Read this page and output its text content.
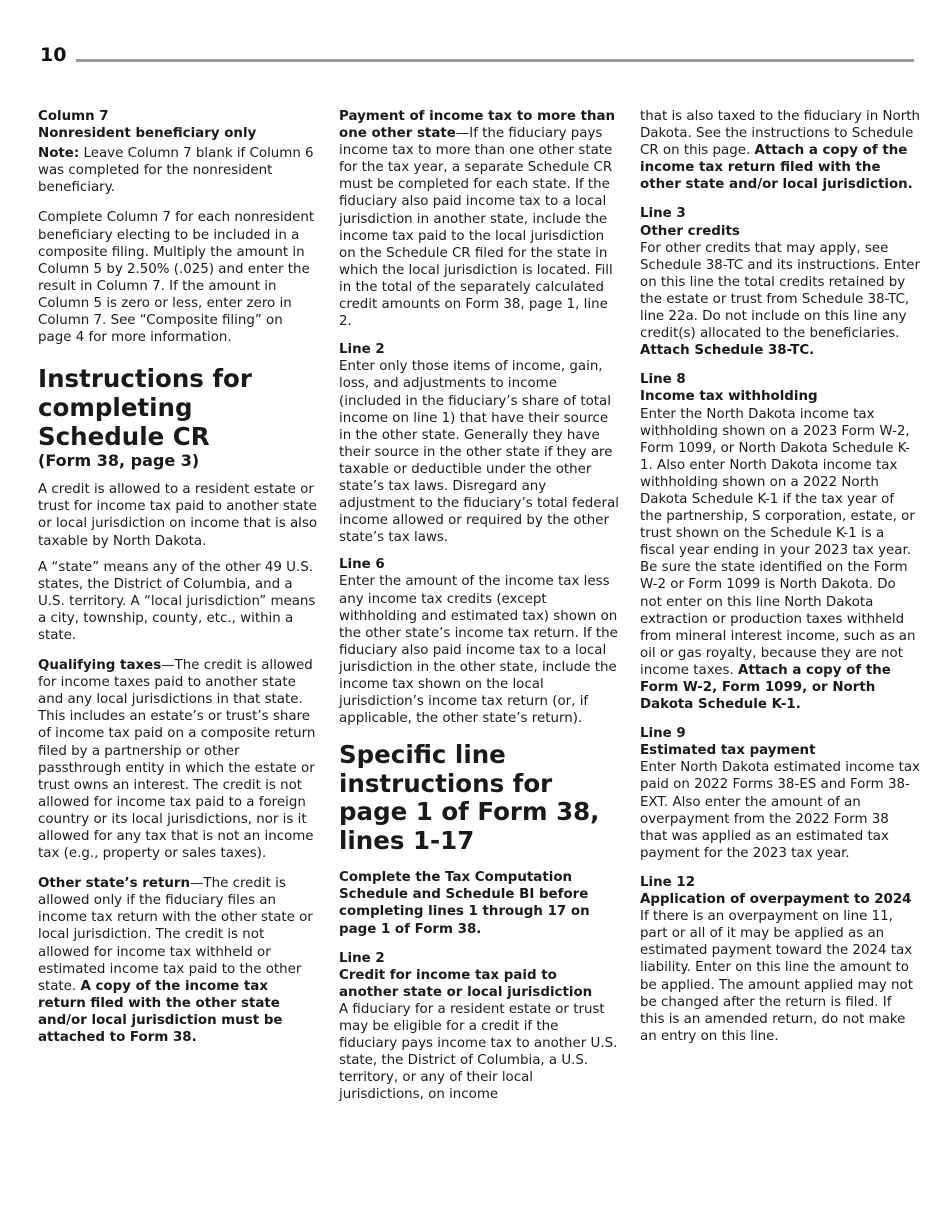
10
Column 7
Nonresident beneficiary only

Note: Leave Column 7 blank if Column 6 was completed for the nonresident beneficiary.

Complete Column 7 for each nonresident beneficiary electing to be included in a composite filing. Multiply the amount in Column 5 by 2.50% (.025) and enter the result in Column 7. If the amount in Column 5 is zero or less, enter zero in Column 7. See “Composite filing” on page 4 for more information.

Instructions for completing Schedule CR
(Form 38, page 3)

A credit is allowed to a resident estate or trust for income tax paid to another state or local jurisdiction on income that is also taxable by North Dakota.

A “state” means any of the other 49 U.S. states, the District of Columbia, and a U.S. territory. A “local jurisdiction” means a city, township, county, etc., within a state.

Qualifying taxes—The credit is allowed for income taxes paid to another state and any local jurisdictions in that state. This includes an estate’s or trust’s share of income tax paid on a composite return filed by a partnership or other passthrough entity in which the estate or trust owns an interest. The credit is not allowed for income tax paid to a foreign country or its local jurisdictions, nor is it allowed for any tax that is not an income tax (e.g., property or sales taxes).

Other state’s return—The credit is allowed only if the fiduciary files an income tax return with the other state or local jurisdiction. The credit is not allowed for income tax withheld or estimated income tax paid to the other state. A copy of the income tax return filed with the other state and/or local jurisdiction must be attached to Form 38.

Payment of income tax to more than one other state—If the fiduciary pays income tax to more than one other state for the tax year, a separate Schedule CR must be completed for each state. If the fiduciary also paid income tax to a local jurisdiction in another state, include the income tax paid to the local jurisdiction on the Schedule CR filed for the state in which the local jurisdiction is located. Fill in the total of the separately calculated credit amounts on Form 38, page 1, line 2.

Line 2

Enter only those items of income, gain, loss, and adjustments to income (included in the fiduciary’s share of total income on line 1) that have their source in the other state. Generally they have their source in the other state if they are taxable or deductible under the other state’s tax laws. Disregard any adjustment to the fiduciary’s total federal income allowed or required by the other state’s tax laws.

Line 6

Enter the amount of the income tax less any income tax credits (except withholding and estimated tax) shown on the other state’s income tax return. If the fiduciary also paid income tax to a local jurisdiction in the other state, include the income tax shown on the local jurisdiction’s income tax return (or, if applicable, the other state’s return).

Specific line instructions for page 1 of Form 38, lines 1-17

Complete the Tax Computation Schedule and Schedule BI before completing lines 1 through 17 on page 1 of Form 38.

Line 2
Credit for income tax paid to another state or local jurisdiction

A fiduciary for a resident estate or trust may be eligible for a credit if the fiduciary pays income tax to another U.S. state, the District of Columbia, a U.S. territory, or any of their local jurisdictions, on income

that is also taxed to the fiduciary in North Dakota. See the instructions to Schedule CR on this page. Attach a copy of the income tax return filed with the other state and/or local jurisdiction.

Line 3
Other credits

For other credits that may apply, see Schedule 38-TC and its instructions. Enter on this line the total credits retained by the estate or trust from Schedule 38-TC, line 22a. Do not include on this line any credit(s) allocated to the beneficiaries. Attach Schedule 38-TC.

Line 8
Income tax withholding

Enter the North Dakota income tax withholding shown on a 2023 Form W-2, Form 1099, or North Dakota Schedule K-1. Also enter North Dakota income tax withholding shown on a 2022 North Dakota Schedule K-1 if the tax year of the partnership, S corporation, estate, or trust shown on the Schedule K-1 is a fiscal year ending in your 2023 tax year. Be sure the state identified on the Form W-2 or Form 1099 is North Dakota. Do not enter on this line North Dakota extraction or production taxes withheld from mineral interest income, such as an oil or gas royalty, because they are not income taxes. Attach a copy of the Form W-2, Form 1099, or North Dakota Schedule K-1.

Line 9
Estimated tax payment

Enter North Dakota estimated income tax paid on 2022 Forms 38-ES and Form 38-EXT. Also enter the amount of an overpayment from the 2022 Form 38 that was applied as an estimated tax payment for the 2023 tax year.

Line 12
Application of overpayment to 2024

If there is an overpayment on line 11, part or all of it may be applied as an estimated payment toward the 2024 tax liability. Enter on this line the amount to be applied. The amount applied may not be changed after the return is filed. If this is an amended return, do not make an entry on this line.
